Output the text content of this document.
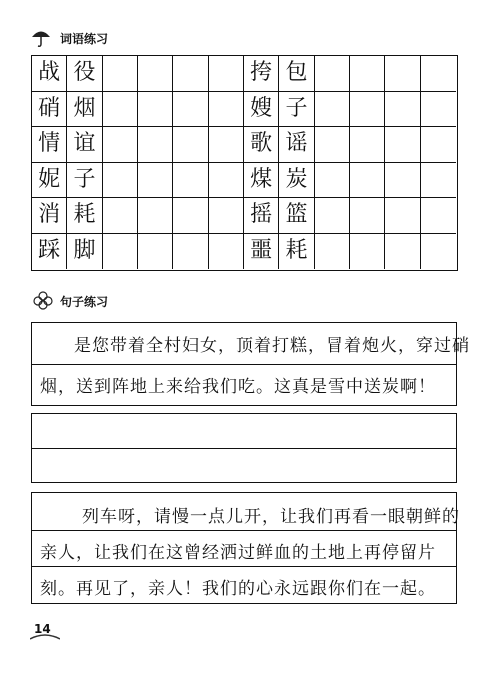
词语练习
战 役	挎 包
硝 烟	嫂 子
情 谊	歌 谣
妮 子	煤 炭
消 耗	摇 篮
踩 脚	噩 耗
句子练习
是您带着全村妇女，顶着打糕，冒着炮火，穿过硝
烟，送到阵地上来给我们吃。这真是雪中送炭啊！
列车呀，请慢一点儿开，让我们再看一眼朝鲜的
亲人，让我们在这曾经洒过鲜血的土地上再停留片
刻。再见了，亲人！我们的心永远跟你们在一起。
14
